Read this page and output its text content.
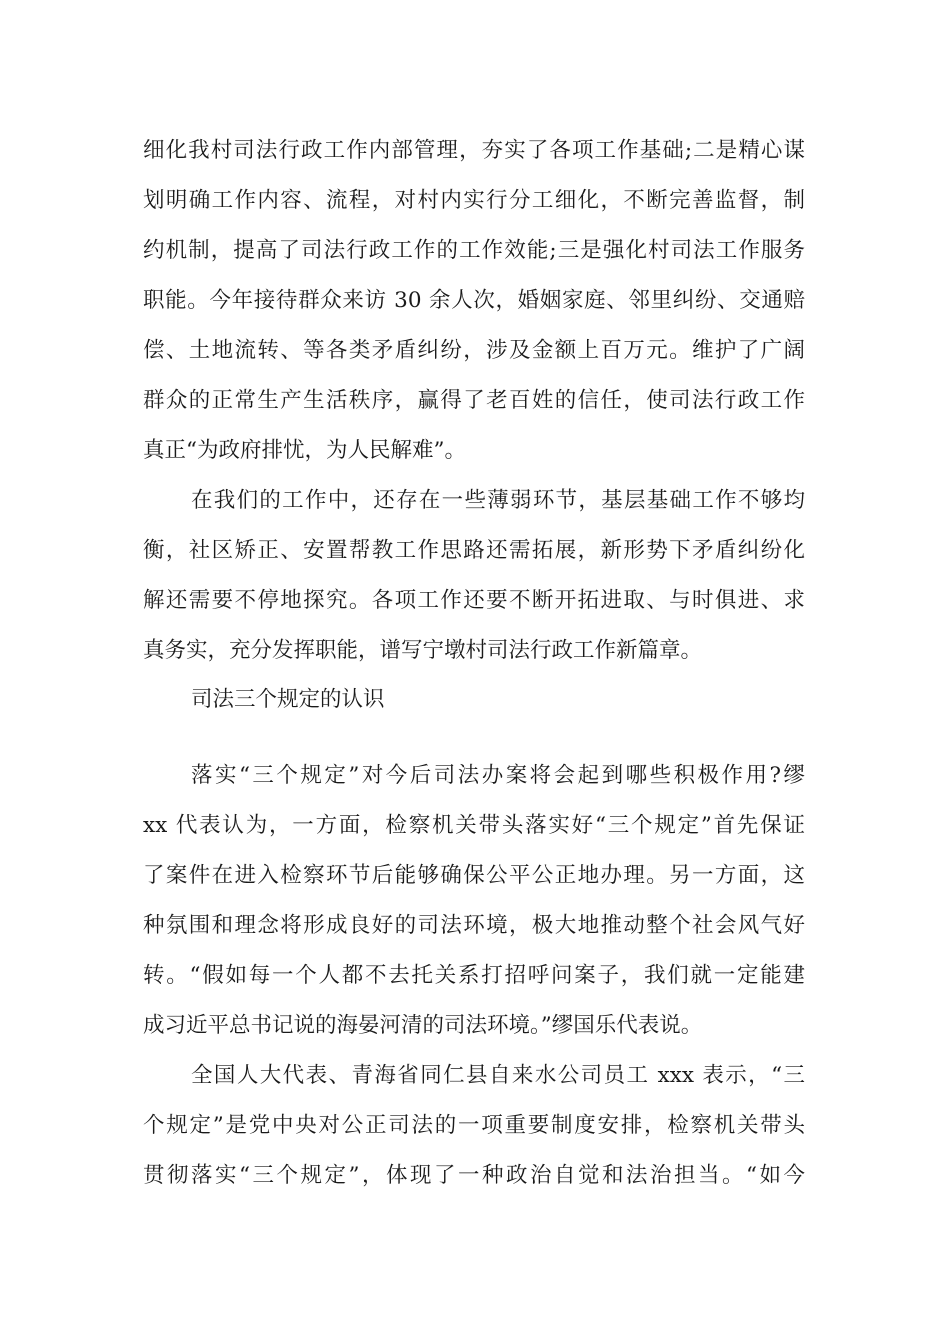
细化我村司法行政工作内部管理，夯实了各项工作基础;二是精心谋
划明确工作内容、流程，对村内实行分工细化，不断完善监督，制
约机制，提高了司法行政工作的工作效能;三是强化村司法工作服务
职能。今年接待群众来访 30 余人次，婚姻家庭、邻里纠纷、交通赔
偿、土地流转、等各类矛盾纠纷，涉及金额上百万元。维护了广阔
群众的正常生产生活秩序，赢得了老百姓的信任，使司法行政工作
真正“为政府排忧，为人民解难”。
在我们的工作中，还存在一些薄弱环节，基层基础工作不够均
衡，社区矫正、安置帮教工作思路还需拓展，新形势下矛盾纠纷化
解还需要不停地探究。各项工作还要不断开拓进取、与时俱进、求
真务实，充分发挥职能，谱写宁墩村司法行政工作新篇章。
司法三个规定的认识
落实“三个规定”对今后司法办案将会起到哪些积极作用?缪
xx 代表认为，一方面，检察机关带头落实好“三个规定”首先保证
了案件在进入检察环节后能够确保公平公正地办理。另一方面，这
种氛围和理念将形成良好的司法环境，极大地推动整个社会风气好
转。“假如每一个人都不去托关系打招呼问案子，我们就一定能建
成习近平总书记说的海晏河清的司法环境。”缪国乐代表说。
全国人大代表、青海省同仁县自来水公司员工 xxx 表示，“三
个规定”是党中央对公正司法的一项重要制度安排，检察机关带头
贯彻落实“三个规定”，体现了一种政治自觉和法治担当。“如今
